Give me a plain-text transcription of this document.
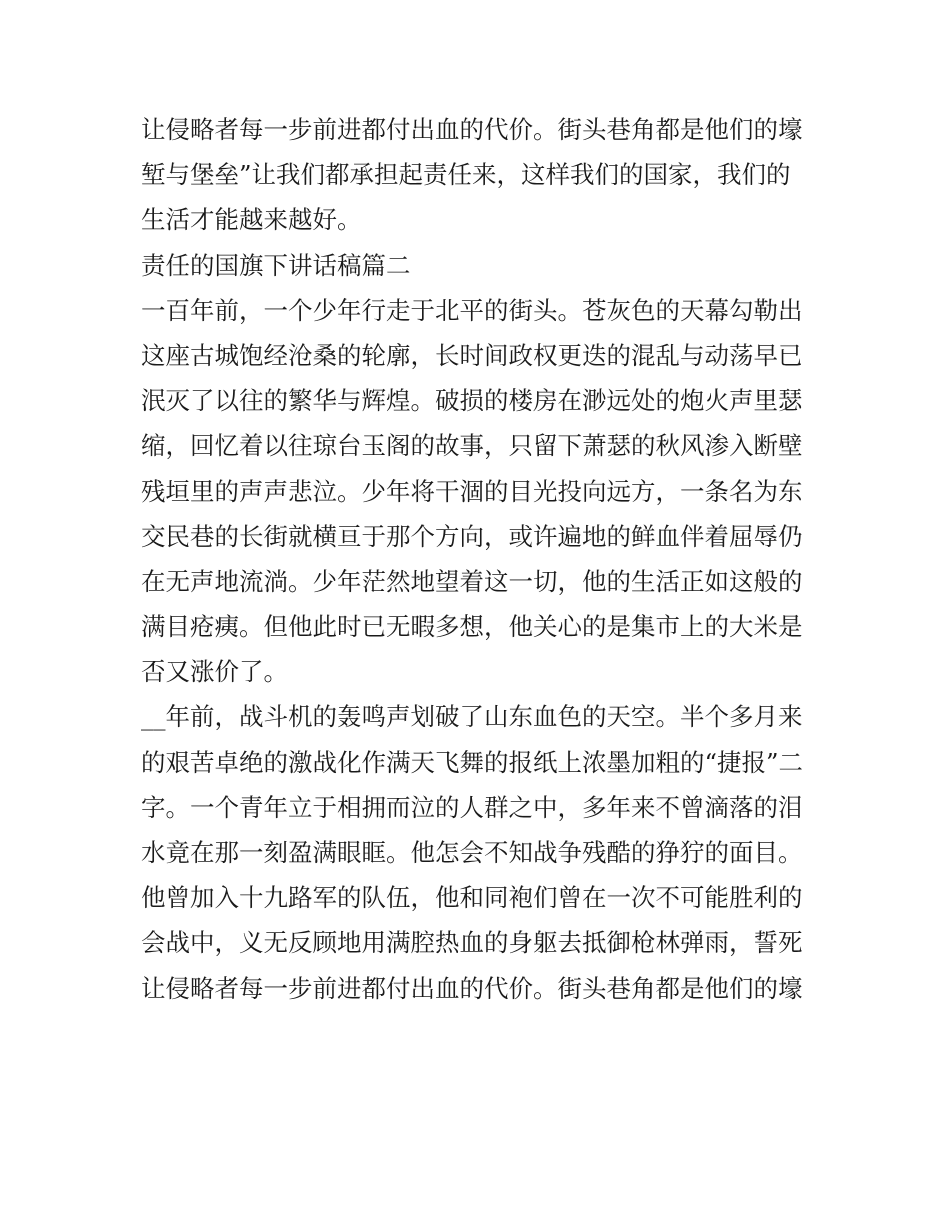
让侵略者每一步前进都付出血的代价。街头巷角都是他们的壕
堑与堡垒”让我们都承担起责任来，这样我们的国家，我们的
生活才能越来越好。
责任的国旗下讲话稿篇二
一百年前，一个少年行走于北平的街头。苍灰色的天幕勾勒出
这座古城饱经沧桑的轮廓，长时间政权更迭的混乱与动荡早已
泯灭了以往的繁华与辉煌。破损的楼房在渺远处的炮火声里瑟
缩，回忆着以往琼台玉阁的故事，只留下萧瑟的秋风渗入断壁
残垣里的声声悲泣。少年将干涸的目光投向远方，一条名为东
交民巷的长街就横亘于那个方向，或许遍地的鲜血伴着屈辱仍
在无声地流淌。少年茫然地望着这一切，他的生活正如这般的
满目疮痍。但他此时已无暇多想，他关心的是集市上的大米是
否又涨价了。
__年前，战斗机的轰鸣声划破了山东血色的天空。半个多月来
的艰苦卓绝的激战化作满天飞舞的报纸上浓墨加粗的“捷报”二
字。一个青年立于相拥而泣的人群之中，多年来不曾滴落的泪
水竟在那一刻盈满眼眶。他怎会不知战争残酷的狰狞的面目。
他曾加入十九路军的队伍，他和同袍们曾在一次不可能胜利的
会战中，义无反顾地用满腔热血的身躯去抵御枪林弹雨，誓死
让侵略者每一步前进都付出血的代价。街头巷角都是他们的壕
